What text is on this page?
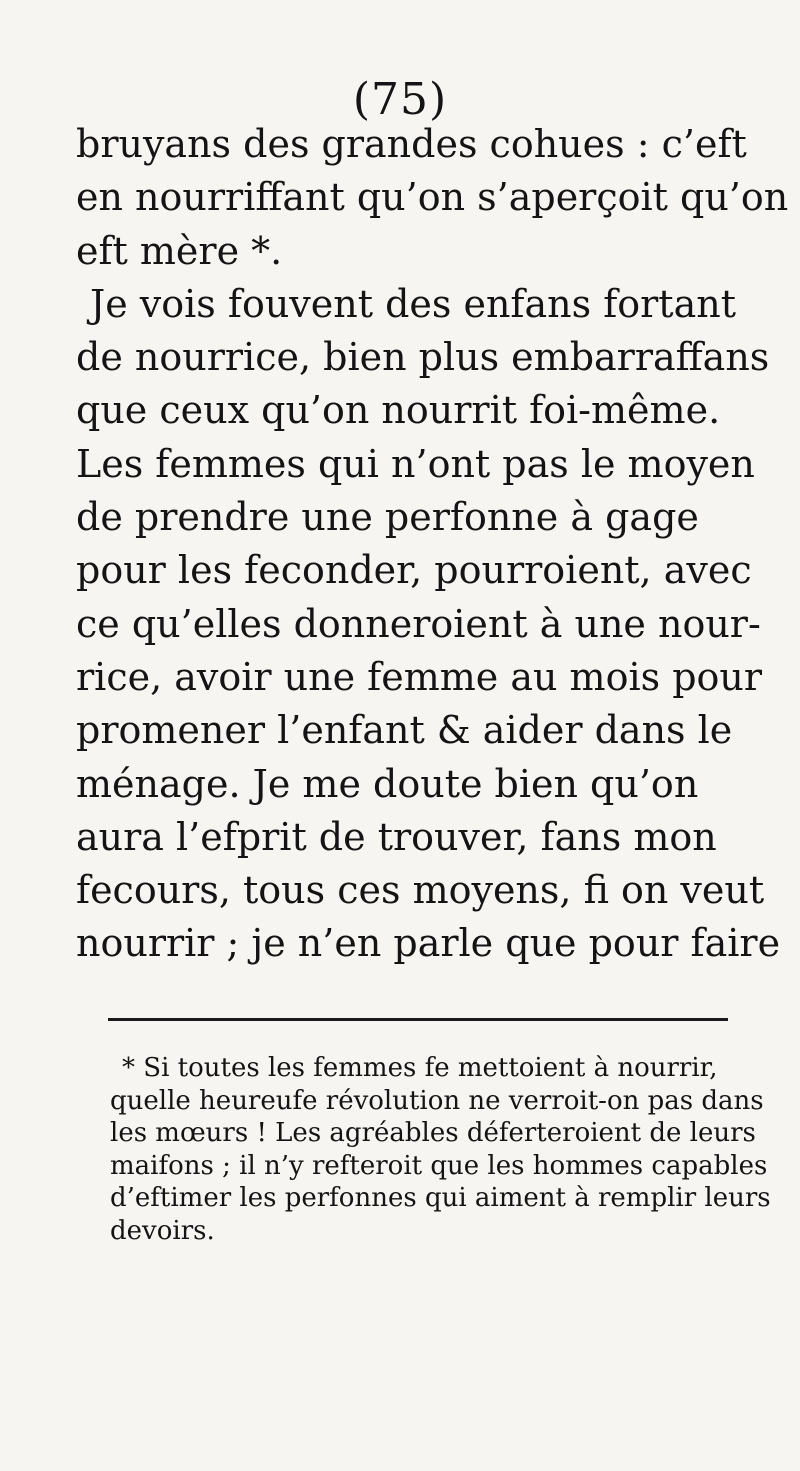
(75)
bruyans des grandes cohues : c’eft
en nourriffant qu’on s’aperçoit qu’on
eft mère *.
Je vois fouvent des enfans fortant
de nourrice, bien plus embarraffans
que ceux qu’on nourrit foi-même.
Les femmes qui n’ont pas le moyen
de prendre une perfonne à gage
pour les feconder, pourroient, avec
ce qu’elles donneroient à une nour-
rice, avoir une femme au mois pour
promener l’enfant & aider dans le
ménage. Je me doute bien qu’on
aura l’efprit de trouver, fans mon
fecours, tous ces moyens, fi on veut
nourrir ; je n’en parle que pour faire
* Si toutes les femmes fe mettoient à nourrir,
quelle heureufe révolution ne verroit-on pas dans
les mœurs ! Les agréables déferteroient de leurs
maifons ; il n’y refteroit que les hommes capables
d’eftimer les perfonnes qui aiment à remplir leurs
devoirs.
